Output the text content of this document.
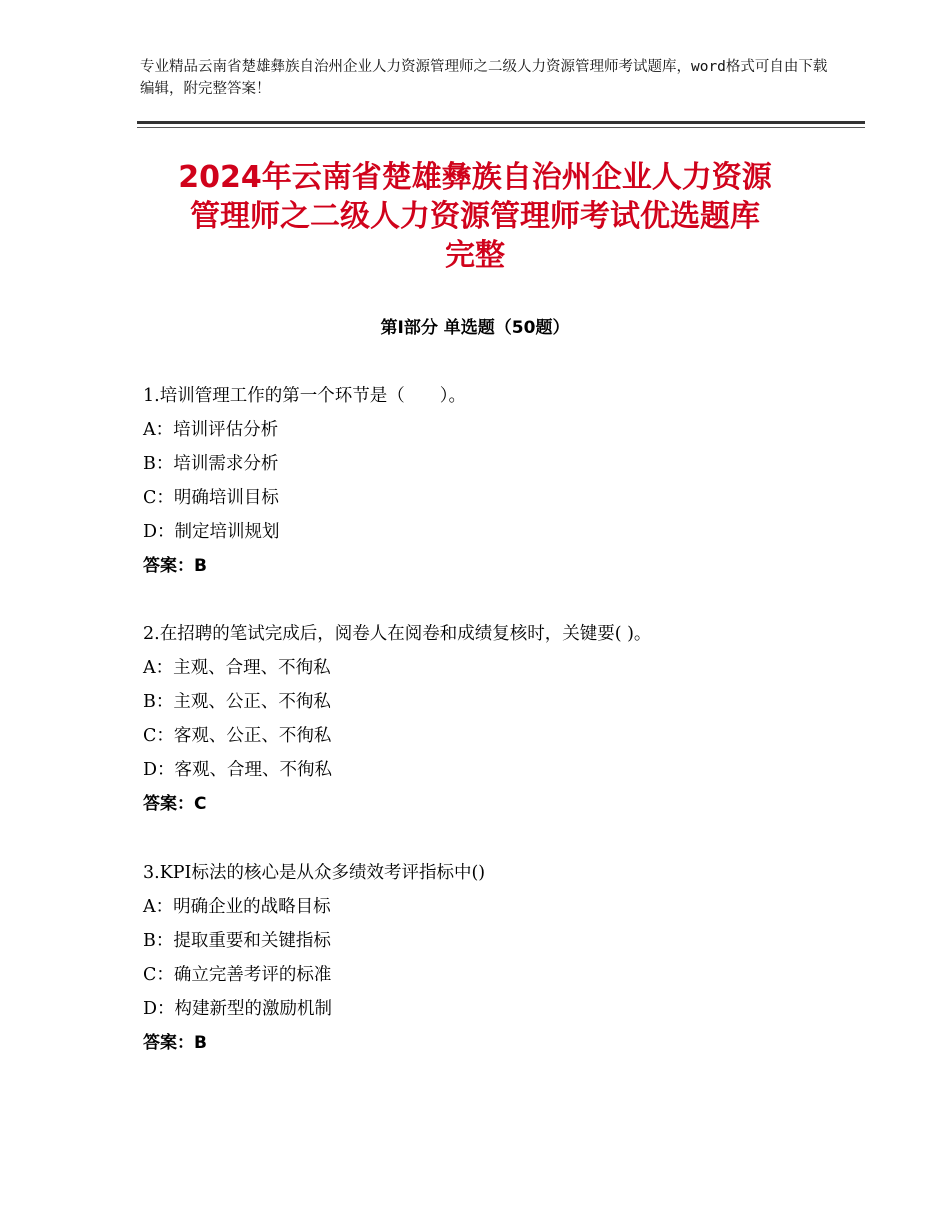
专业精品云南省楚雄彝族自治州企业人力资源管理师之二级人力资源管理师考试题库，word格式可自由下载编辑，附完整答案！
2024年云南省楚雄彝族自治州企业人力资源
管理师之二级人力资源管理师考试优选题库
完整
第Ⅰ部分 单选题（50题）
1.培训管理工作的第一个环节是（　　）。
A：培训评估分析
B：培训需求分析
C：明确培训目标
D：制定培训规划
答案：B
2.在招聘的笔试完成后，阅卷人在阅卷和成绩复核时，关键要( )。
A：主观、合理、不徇私
B：主观、公正、不徇私
C：客观、公正、不徇私
D：客观、合理、不徇私
答案：C
3.KPI标法的核心是从众多绩效考评指标中()
A：明确企业的战略目标
B：提取重要和关键指标
C：确立完善考评的标准
D：构建新型的激励机制
答案：B
